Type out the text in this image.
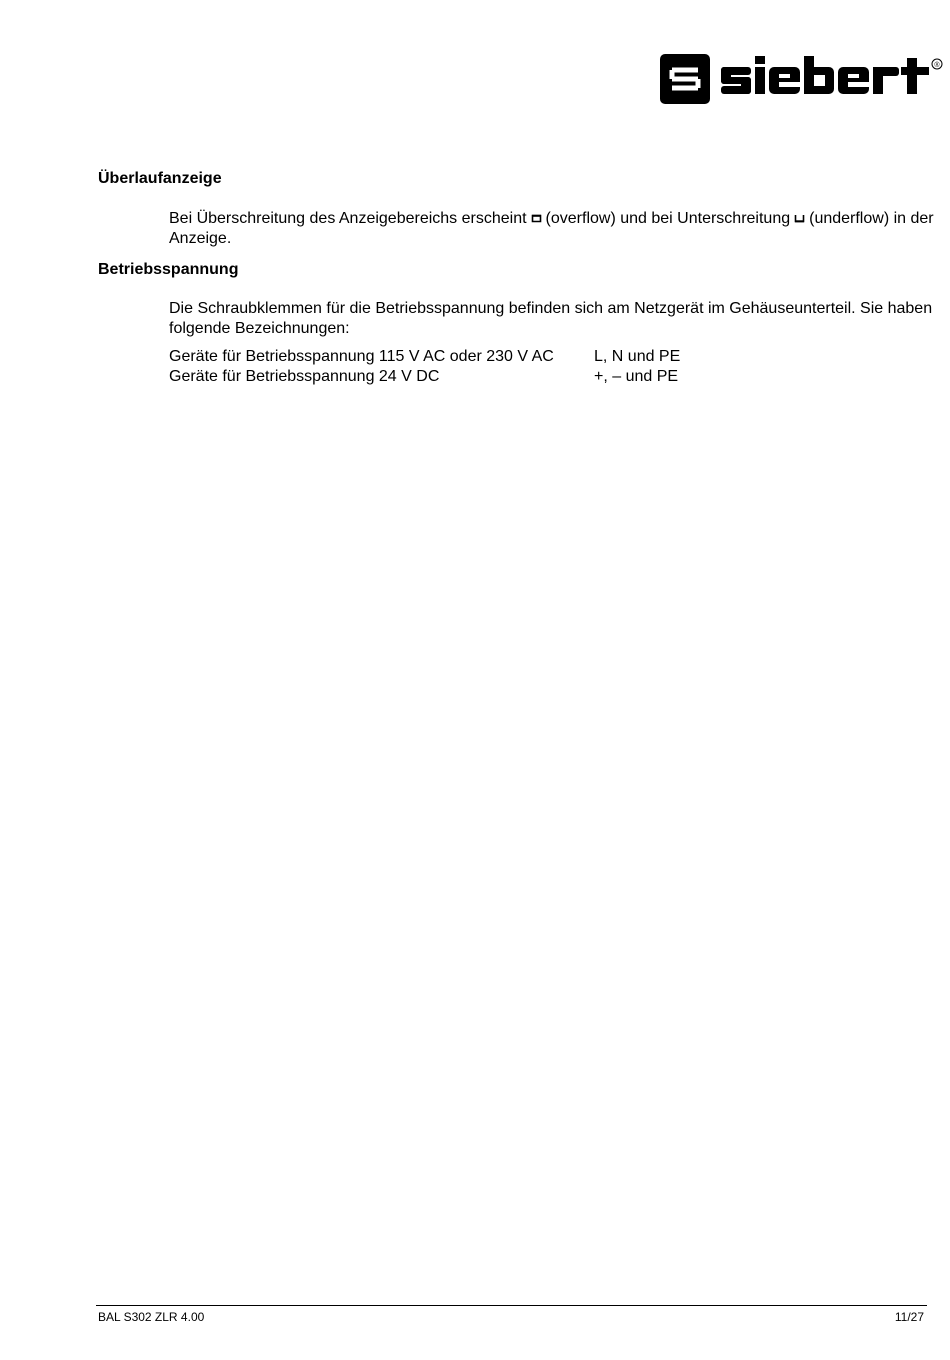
®
Überlaufanzeige
Bei Überschreitung des Anzeigebereichs erscheint (overflow) und bei Unterschreitung (underflow) in der Anzeige.
Betriebsspannung
Die Schraubklemmen für die Betriebsspannung befinden sich am Netzgerät im Gehäuseunterteil. Sie haben folgende Bezeichnungen:
Geräte für Betriebsspannung 115 V AC oder 230 V AC	L, N und PE
Geräte für Betriebsspannung 24 V DC	+, – und PE
BAL S302 ZLR 4.00	11/27
